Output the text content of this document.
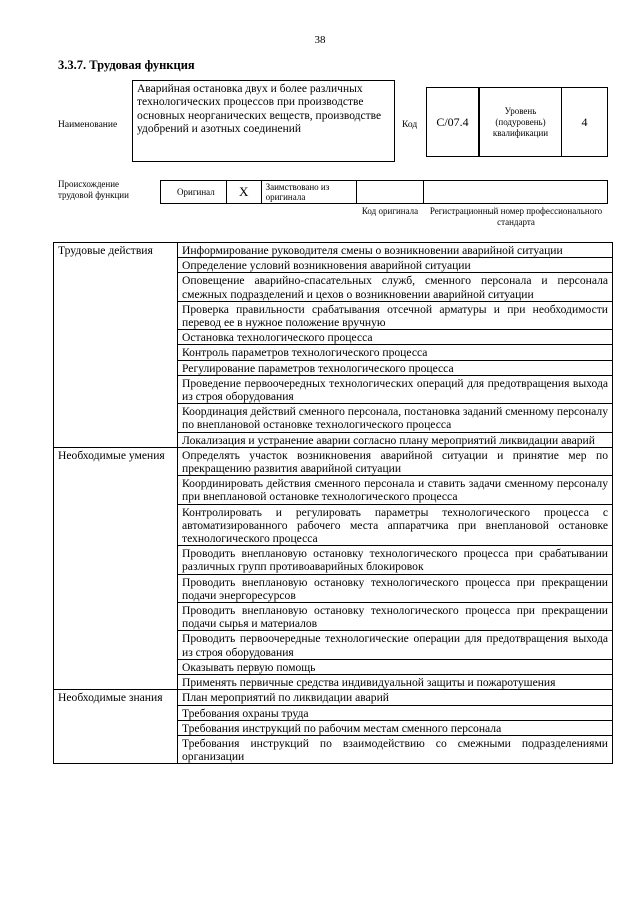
38
3.3.7. Трудовая функция
Наименование
Аварийная остановка двух и более различных технологических процессов при производстве основных неорганических веществ, производстве удобрений и азотных соединений	Код	C/07.4
Уровень (подуровень) квалификации
4
Происхождение трудовой функции	Оригинал	X	Заимствовано из оригинала
Код оригинала	Регистрационный номер профессионального стандарта
Трудовые действия	Информирование руководителя смены о возникновении аварийной ситуации
	Определение условий возникновения аварийной ситуации
	Оповещение аварийно-спасательных служб, сменного персонала и персонала смежных подразделений и цехов о возникновении аварийной ситуации
	Проверка правильности срабатывания отсечной арматуры и при необходимости перевод ее в нужное положение вручную
	Остановка технологического процесса
	Контроль параметров технологического процесса
	Регулирование параметров технологического процесса
	Проведение первоочередных технологических операций для предотвращения выхода из строя оборудования
	Координация действий сменного персонала, постановка заданий сменному персоналу по внеплановой остановке технологического процесса
	Локализация и устранение аварии согласно плану мероприятий ликвидации аварий
Необходимые умения	Определять участок возникновения аварийной ситуации и принятие мер по прекращению развития аварийной ситуации
	Координировать действия сменного персонала и ставить задачи сменному персоналу при внеплановой остановке технологического процесса
	Контролировать и регулировать параметры технологического процесса с автоматизированного рабочего места аппаратчика при внеплановой остановке технологического процесса
	Проводить внеплановую остановку технологического процесса при срабатывании различных групп противоаварийных блокировок
	Проводить внеплановую остановку технологического процесса при прекращении подачи энергоресурсов
	Проводить внеплановую остановку технологического процесса при прекращении подачи сырья и материалов
	Проводить первоочередные технологические операции для предотвращения выхода из строя оборудования
	Оказывать первую помощь
	Применять первичные средства индивидуальной защиты и пожаротушения
Необходимые знания	План мероприятий по ликвидации аварий
	Требования охраны труда
	Требования инструкций по рабочим местам сменного персонала
	Требования инструкций по взаимодействию со смежными подразделениями организации
